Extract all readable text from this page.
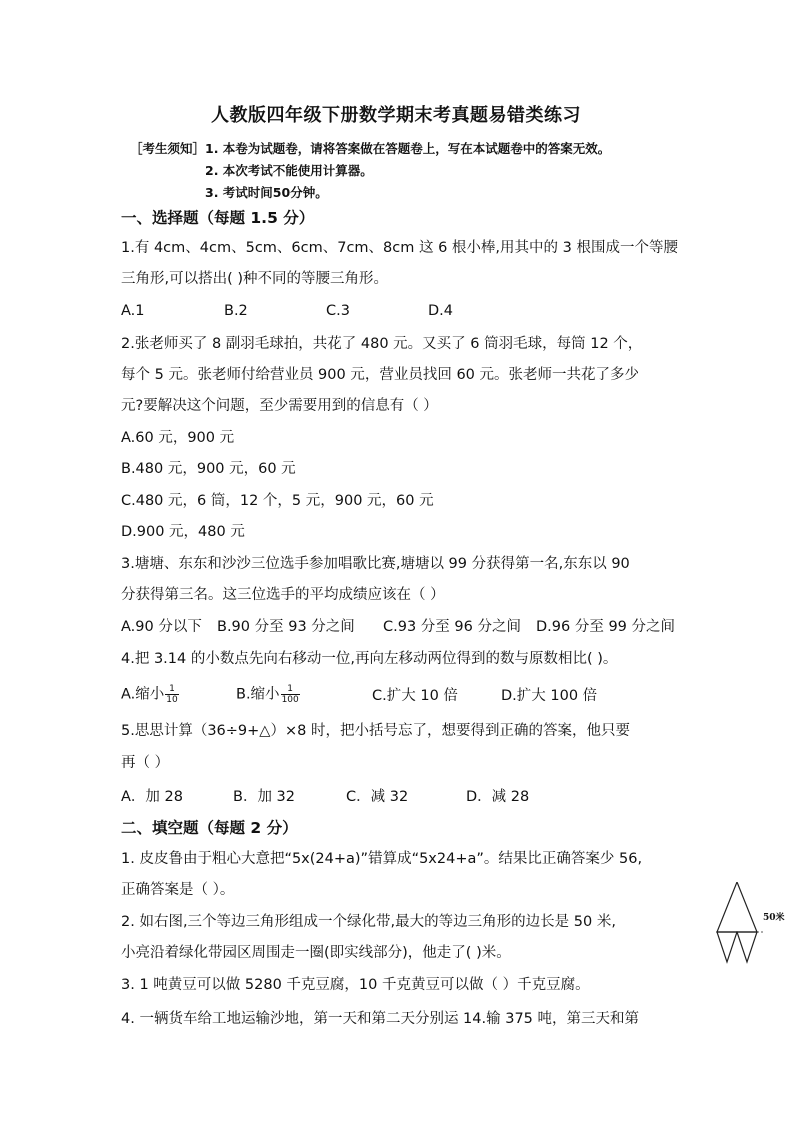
人教版四年级下册数学期末考真题易错类练习
［考生须知］ 1. 本卷为试题卷，请将答案做在答题卷上，写在本试题卷中的答案无效。
2. 本次考试不能使用计算器。
3. 考试时间50分钟。
一、选择题（每题 1.5 分）
1.有 4cm、4cm、5cm、6cm、7cm、8cm 这 6 根小棒,用其中的 3 根围成一个等腰
三角形,可以搭出( )种不同的等腰三角形。
A.1	B.2	C.3	D.4
2.张老师买了 8 副羽毛球拍，共花了 480 元。又买了 6 筒羽毛球，每筒 12 个，
每个 5 元。张老师付给营业员 900 元，营业员找回 60 元。张老师一共花了多少
元?要解决这个问题，至少需要用到的信息有（ ）
A.60 元，900 元
B.480 元，900 元，60 元
C.480 元，6 筒，12 个，5 元，900 元，60 元
D.900 元，480 元
3.塘塘、东东和沙沙三位选手参加唱歌比赛,塘塘以 99 分获得第一名,东东以 90
分获得第三名。这三位选手的平均成绩应该在（ ）
A.90 分以下 B.90 分至 93 分之间 C.93 分至 96 分之间 D.96 分至 99 分之间
4.把 3.14 的小数点先向右移动一位,再向左移动两位得到的数与原数相比( )。
A.缩小 $\frac{1}{10}$	B.缩小 $\frac{1}{100}$	C.扩大 10 倍	D.扩大 100 倍
5.思思计算（36÷9+△）×8 时，把小括号忘了，想要得到正确的答案，他只要
再（ ）
A．加 28	B．加 32	C．减 32	D．减 28
二、填空题（每题 2 分）
1. 皮皮鲁由于粗心大意把“5x(24+a)”错算成“5x24+a”。结果比正确答案少 56,
正确答案是（ ）。
2. 如右图,三个等边三角形组成一个绿化带,最大的等边三角形的边长是 50 米,
小亮沿着绿化带园区周围走一圈(即实线部分)，他走了( )米。
3. 1 吨黄豆可以做 5280 千克豆腐，10 千克黄豆可以做（ ）千克豆腐。
4. 一辆货车给工地运输沙地，第一天和第二天分别运 14.输 375 吨，第三天和第
50米
